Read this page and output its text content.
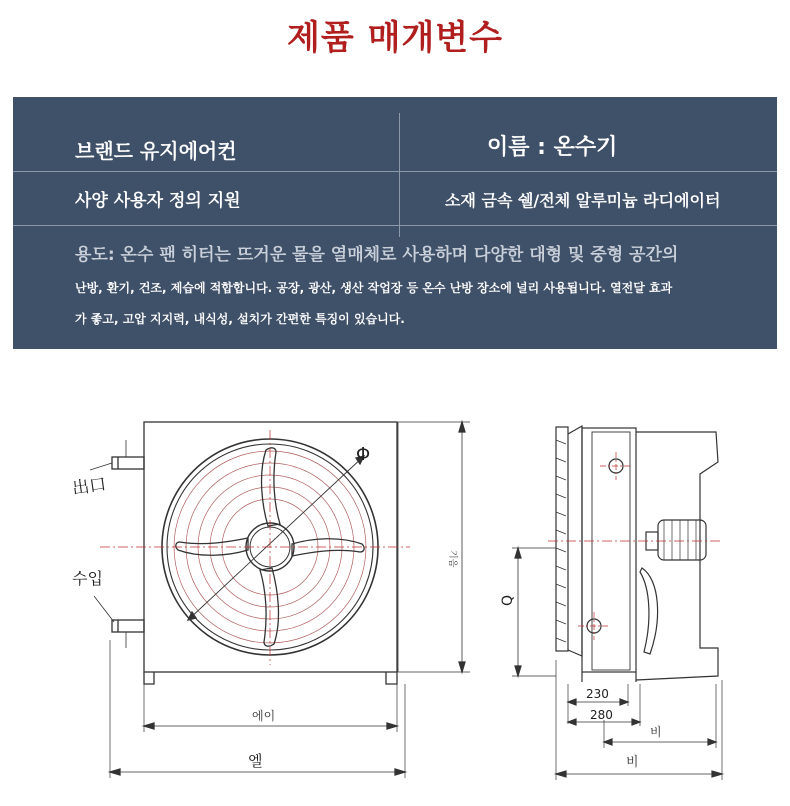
제품 매개변수
브랜드 유지에어컨	이름 : 온수기
사양 사용자 정의 지원	소재 금속 쉘/전체 알루미늄 라디에이터
용도: 온수 팬 히터는 뜨거운 물을 열매체로 사용하며 다양한 대형 및 중형 공간의
난방, 환기, 건조, 제습에 적합합니다. 공장, 광산, 생산 작업장 등 온수 난방 장소에 널리 사용됩니다. 열전달 효과
가 좋고, 고압 지지력, 내식성, 설치가 간편한 특징이 있습니다.
出口
수입
Φ
기음
에이
엘
Q
230
280
비
비
